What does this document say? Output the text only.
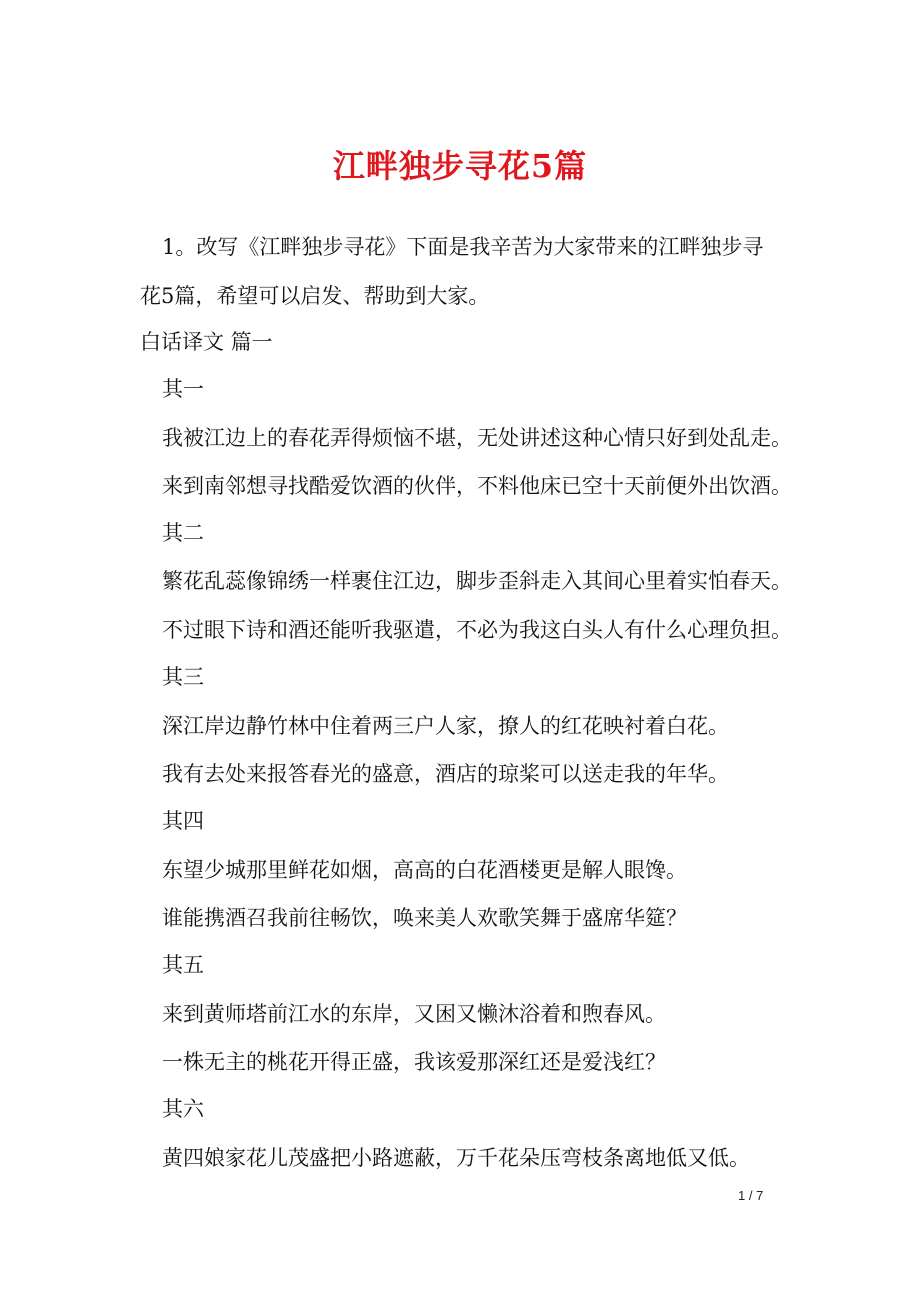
江畔独步寻花5篇
1。改写《江畔独步寻花》下面是我辛苦为大家带来的江畔独步寻
花5篇，希望可以启发、帮助到大家。
白话译文 篇一
其一
我被江边上的春花弄得烦恼不堪，无处讲述这种心情只好到处乱走。
来到南邻想寻找酷爱饮酒的伙伴，不料他床已空十天前便外出饮酒。
其二
繁花乱蕊像锦绣一样裹住江边，脚步歪斜走入其间心里着实怕春天。
不过眼下诗和酒还能听我驱遣，不必为我这白头人有什么心理负担。
其三
深江岸边静竹林中住着两三户人家，撩人的红花映衬着白花。
我有去处来报答春光的盛意，酒店的琼桨可以送走我的年华。
其四
东望少城那里鲜花如烟，高高的白花酒楼更是解人眼馋。
谁能携酒召我前往畅饮，唤来美人欢歌笑舞于盛席华筵？
其五
来到黄师塔前江水的东岸，又困又懒沐浴着和煦春风。
一株无主的桃花开得正盛，我该爱那深红还是爱浅红？
其六
黄四娘家花儿茂盛把小路遮蔽，万千花朵压弯枝条离地低又低。
1 / 7
